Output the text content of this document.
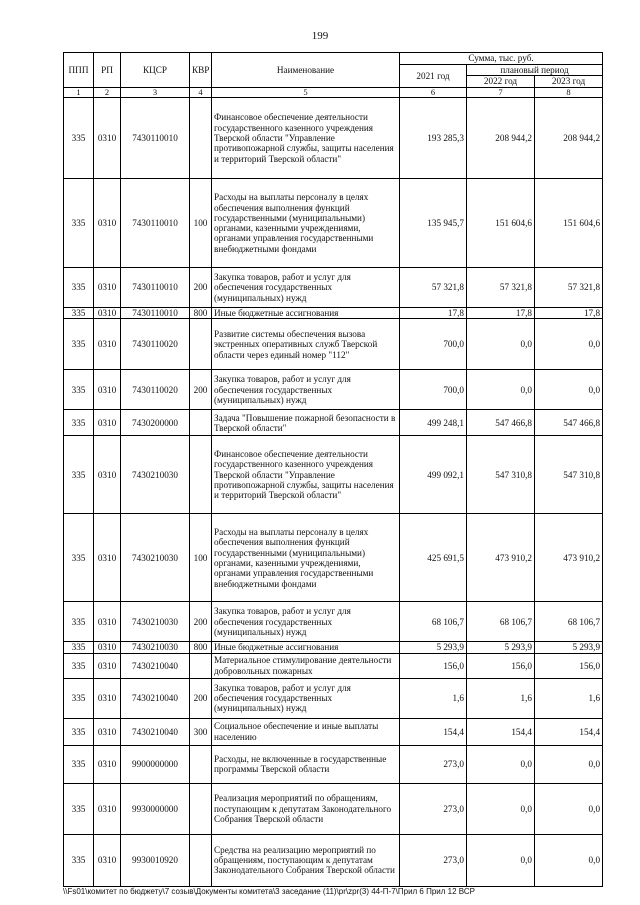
199
ППП	РП	КЦСР	КВР	Наименование	Сумма, тыс. руб.		
					2021 год	плановый период	
						2022 год	2023 год
1	2	3	4	5	6	7	8
335	0310	7430110010		Финансовое обеспечение деятельности государственного казенного учреждения Тверской области "Управление противопожарной службы, защиты населения и территорий Тверской области"	193 285,3	208 944,2	208 944,2
335	0310	7430110010	100	Расходы на выплаты персоналу в целях обеспечения выполнения функций государственными (муниципальными) органами, казенными учреждениями, органами управления государственными внебюджетными фондами	135 945,7	151 604,6	151 604,6
335	0310	7430110010	200	Закупка товаров, работ и услуг для обеспечения государственных (муниципальных) нужд	57 321,8	57 321,8	57 321,8
335	0310	7430110010	800	Иные бюджетные ассигнования	17,8	17,8	17,8
335	0310	7430110020		Развитие системы обеспечения вызова экстренных оперативных служб Тверской области через единый номер "112"	700,0	0,0	0,0
335	0310	7430110020	200	Закупка товаров, работ и услуг для обеспечения государственных (муниципальных) нужд	700,0	0,0	0,0
335	0310	7430200000		Задача "Повышение пожарной безопасности в Тверской области"	499 248,1	547 466,8	547 466,8
335	0310	7430210030		Финансовое обеспечение деятельности государственного казенного учреждения Тверской области "Управление противопожарной службы, защиты населения и территорий Тверской области"	499 092,1	547 310,8	547 310,8
335	0310	7430210030	100	Расходы на выплаты персоналу в целях обеспечения выполнения функций государственными (муниципальными) органами, казенными учреждениями, органами управления государственными внебюджетными фондами	425 691,5	473 910,2	473 910,2
335	0310	7430210030	200	Закупка товаров, работ и услуг для обеспечения государственных (муниципальных) нужд	68 106,7	68 106,7	68 106,7
335	0310	7430210030	800	Иные бюджетные ассигнования	5 293,9	5 293,9	5 293,9
335	0310	7430210040		Материальное стимулирование деятельности добровольных пожарных	156,0	156,0	156,0
335	0310	7430210040	200	Закупка товаров, работ и услуг для обеспечения государственных (муниципальных) нужд	1,6	1,6	1,6
335	0310	7430210040	300	Социальное обеспечение и иные выплаты населению	154,4	154,4	154,4
335	0310	9900000000		Расходы, не включенные в государственные программы Тверской области	273,0	0,0	0,0
335	0310	9930000000		Реализация мероприятий по обращениям, поступающим к депутатам Законодательного Собрания Тверской области	273,0	0,0	0,0
335	0310	9930010920		Средства на реализацию мероприятий по обращениям, поступающим к депутатам Законодательного Собрания Тверской области	273,0	0,0	0,0
\\Fs01\комитет по бюджету\7 созыв\Документы комитета\3 заседание (11)\pr\zpr(3) 44-П-7\Прил 6 Прил 12 ВСР
